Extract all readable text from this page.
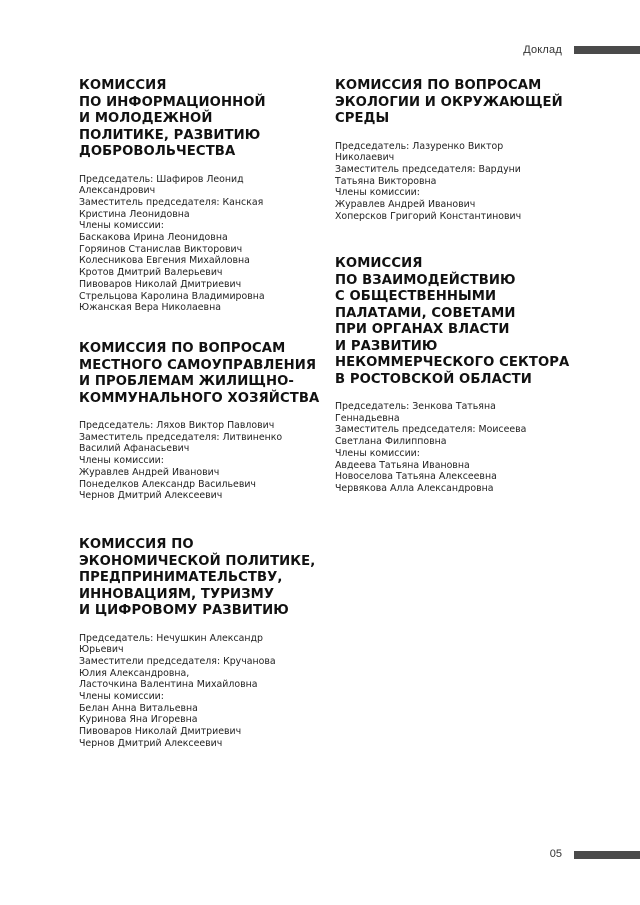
Доклад
КОМИССИЯ
ПО ИНФОРМАЦИОННОЙ
И МОЛОДЕЖНОЙ
ПОЛИТИКЕ, РАЗВИТИЮ
ДОБРОВОЛЬЧЕСТВА
Председатель: Шафиров Леонид
Александрович
Заместитель председателя: Канская
Кристина Леонидовна
Члены комиссии:
Баскакова Ирина Леонидовна
Горяинов Станислав Викторович
Колесникова Евгения Михайловна
Кротов Дмитрий Валерьевич
Пивоваров Николай Дмитриевич
Стрельцова Каролина Владимировна
Южанская Вера Николаевна
КОМИССИЯ ПО ВОПРОСАМ
МЕСТНОГО САМОУПРАВЛЕНИЯ
И ПРОБЛЕМАМ ЖИЛИЩНО-
КОММУНАЛЬНОГО ХОЗЯЙСТВА
Председатель: Ляхов Виктор Павлович
Заместитель председателя: Литвиненко
Василий Афанасьевич
Члены комиссии:
Журавлев Андрей Иванович
Понеделков Александр Васильевич
Чернов Дмитрий Алексеевич
КОМИССИЯ ПО
ЭКОНОМИЧЕСКОЙ ПОЛИТИКЕ,
ПРЕДПРИНИМАТЕЛЬСТВУ,
ИННОВАЦИЯМ, ТУРИЗМУ
И ЦИФРОВОМУ РАЗВИТИЮ
Председатель: Нечушкин Александр
Юрьевич
Заместители председателя: Кручанова
Юлия Александровна,
Ласточкина Валентина Михайловна
Члены комиссии:
Белан Анна Витальевна
Куринова Яна Игоревна
Пивоваров Николай Дмитриевич
Чернов Дмитрий Алексеевич
КОМИССИЯ ПО ВОПРОСАМ
ЭКОЛОГИИ И ОКРУЖАЮЩЕЙ
СРЕДЫ
Председатель: Лазуренко Виктор
Николаевич
Заместитель председателя: Вардуни
Татьяна Викторовна
Члены комиссии:
Журавлев Андрей Иванович
Хоперсков Григорий Константинович
КОМИССИЯ
ПО ВЗАИМОДЕЙСТВИЮ
С ОБЩЕСТВЕННЫМИ
ПАЛАТАМИ, СОВЕТАМИ
ПРИ ОРГАНАХ ВЛАСТИ
И РАЗВИТИЮ
НЕКОММЕРЧЕСКОГО СЕКТОРА
В РОСТОВСКОЙ ОБЛАСТИ
Председатель: Зенкова Татьяна
Геннадьевна
Заместитель председателя: Моисеева
Светлана Филипповна
Члены комиссии:
Авдеева Татьяна Ивановна
Новоселова Татьяна Алексеевна
Червякова Алла Александровна
05
